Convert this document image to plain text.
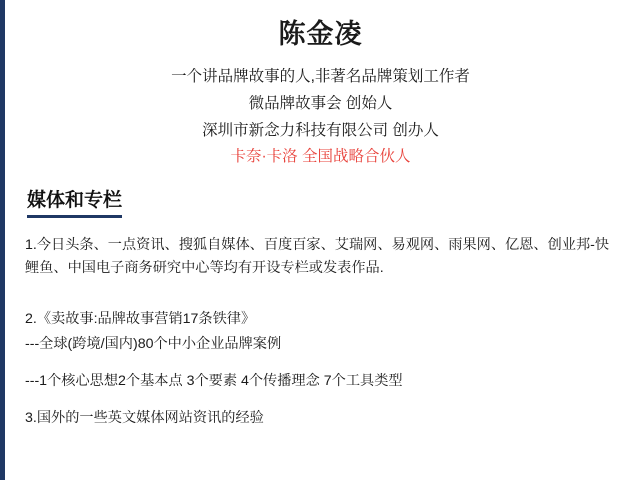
陈金凌
一个讲品牌故事的人,非著名品牌策划工作者
微品牌故事会 创始人
深圳市新念力科技有限公司 创办人
卡奈·卡洛 全国战略合伙人
媒体和专栏

1.今日头条、一点资讯、搜狐自媒体、百度百家、艾瑞网、易观网、雨果网、亿恩、创业邦-快鲤鱼、中国电子商务研究中心等均有开设专栏或发表作品.

2.《卖故事:品牌故事营销17条铁律》

---全球(跨境/国内)80个中小企业品牌案例

---1个核心思想2个基本点 3个要素 4个传播理念 7个工具类型

3.国外的一些英文媒体网站资讯的经验
